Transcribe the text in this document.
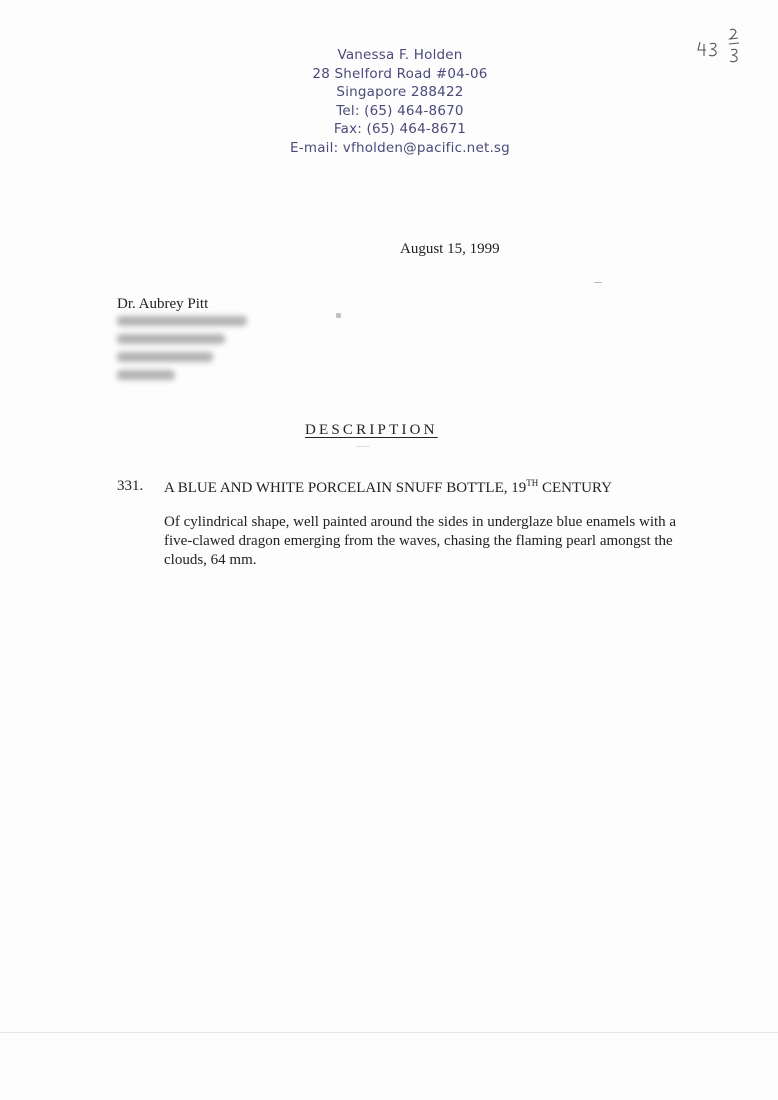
Vanessa F. Holden
28 Shelford Road #04-06
Singapore 288422
Tel: (65) 464-8670
Fax: (65) 464-8671
E-mail: vfholden@pacific.net.sg
August 15, 1999
Dr. Aubrey Pitt
DESCRIPTION
331. A BLUE AND WHITE PORCELAIN SNUFF BOTTLE, 19TH CENTURY
Of cylindrical shape, well painted around the sides in underglaze blue enamels with a five-clawed dragon emerging from the waves, chasing the flaming pearl amongst the clouds, 64 mm.
